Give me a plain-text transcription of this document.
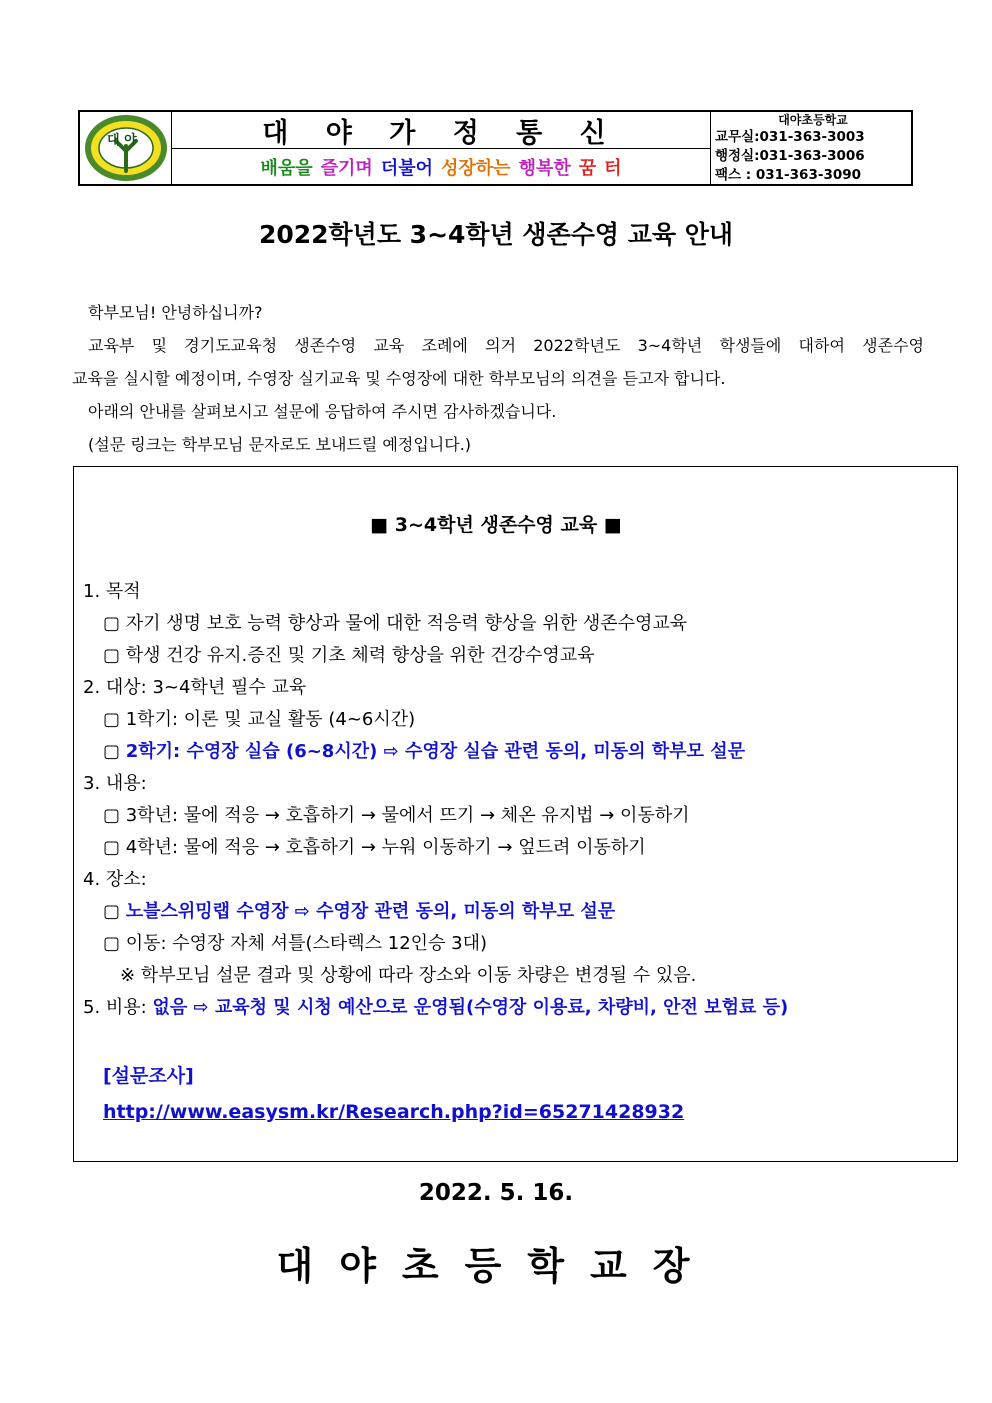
대 야	대 야 가 정 통 신
배움을 즐기며 더불어 성장하는 행복한 꿈 터
대야초등학교
교무실:031-363-3003
행정실:031-363-3006
팩스 : 031-363-3090
2022학년도 3~4학년 생존수영 교육 안내

학부모님! 안녕하십니까?

교육부 및 경기도교육청 생존수영 교육 조례에 의거 2022학년도 3~4학년 학생들에 대하여 생존수영

교육을 실시할 예정이며, 수영장 실기교육 및 수영장에 대한 학부모님의 의견을 듣고자 합니다.

아래의 안내를 살펴보시고 설문에 응답하여 주시면 감사하겠습니다.

(설문 링크는 학부모님 문자로도 보내드릴 예정입니다.)

■ 3~4학년 생존수영 교육 ■
1. 목적
▢ 자기 생명 보호 능력 향상과 물에 대한 적응력 향상을 위한 생존수영교육
▢ 학생 건강 유지.증진 및 기초 체력 향상을 위한 건강수영교육
2. 대상: 3~4학년 필수 교육
▢ 1학기: 이론 및 교실 활동 (4~6시간)
▢ 2학기: 수영장 실습 (6~8시간) ⇨ 수영장 실습 관련 동의, 미동의 학부모 설문
3. 내용:
▢ 3학년: 물에 적응 → 호흡하기 → 물에서 뜨기 → 체온 유지법 → 이동하기
▢ 4학년: 물에 적응 → 호흡하기 → 누워 이동하기 → 엎드려 이동하기
4. 장소:
▢ 노블스위밍랩 수영장 ⇨ 수영장 관련 동의, 미동의 학부모 설문
▢ 이동: 수영장 자체 셔틀(스타렉스 12인승 3대)
※ 학부모님 설문 결과 및 상황에 따라 장소와 이동 차량은 변경될 수 있음.
5. 비용: 없음 ⇨ 교육청 및 시청 예산으로 운영됨(수영장 이용료, 차량비, 안전 보험료 등)
[설문조사]
http://www.easysm.kr/Research.php?id=65271428932
2022. 5. 16.
대야초등학교장
